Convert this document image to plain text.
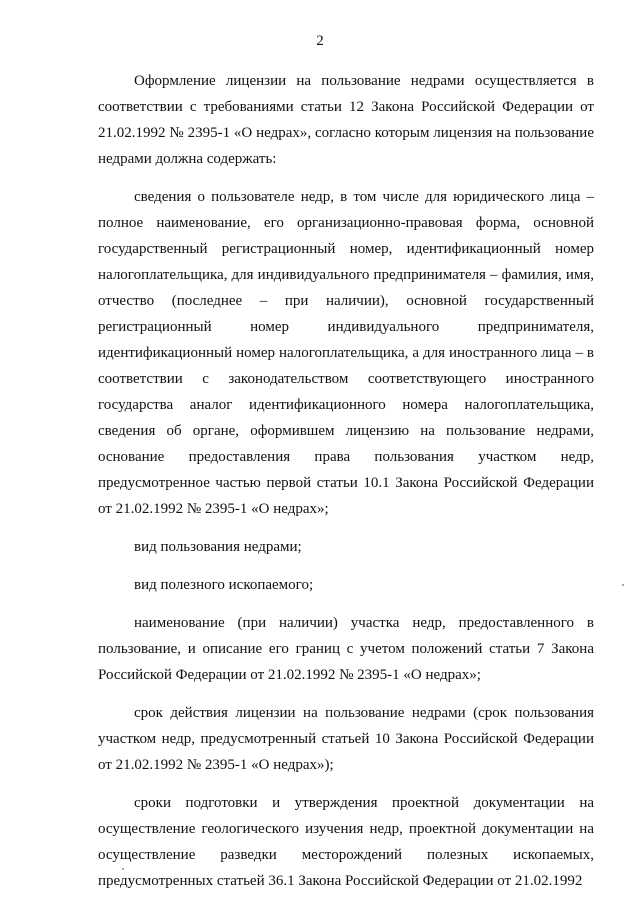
2

Оформление лицензии на пользование недрами осуществляется в соответствии с требованиями статьи 12 Закона Российской Федерации от 21.02.1992 № 2395-1 «О недрах», согласно которым лицензия на пользование недрами должна содержать:

сведения о пользователе недр, в том числе для юридического лица – полное наименование, его организационно-правовая форма, основной государственный регистрационный номер, идентификационный номер налогоплательщика, для индивидуального предпринимателя – фамилия, имя, отчество (последнее – при наличии), основной государственный регистрационный номер индивидуального предпринимателя, идентификационный номер налогоплательщика, а для иностранного лица – в соответствии с законодательством соответствующего иностранного государства аналог идентификационного номера налогоплательщика, сведения об органе, оформившем лицензию на пользование недрами, основание предоставления права пользования участком недр, предусмотренное частью первой статьи 10.1 Закона Российской Федерации от 21.02.1992 № 2395-1 «О недрах»;

вид пользования недрами;

вид полезного ископаемого;

наименование (при наличии) участка недр, предоставленного в пользование, и описание его границ с учетом положений статьи 7 Закона Российской Федерации от 21.02.1992 № 2395-1 «О недрах»;

срок действия лицензии на пользование недрами (срок пользования участком недр, предусмотренный статьей 10 Закона Российской Федерации от 21.02.1992 № 2395-1 «О недрах»);

сроки подготовки и утверждения проектной документации на осуществление геологического изучения недр, проектной документации на осуществление разведки месторождений полезных ископаемых, предусмотренных статьей 36.1 Закона Российской Федерации от 21.02.1992
